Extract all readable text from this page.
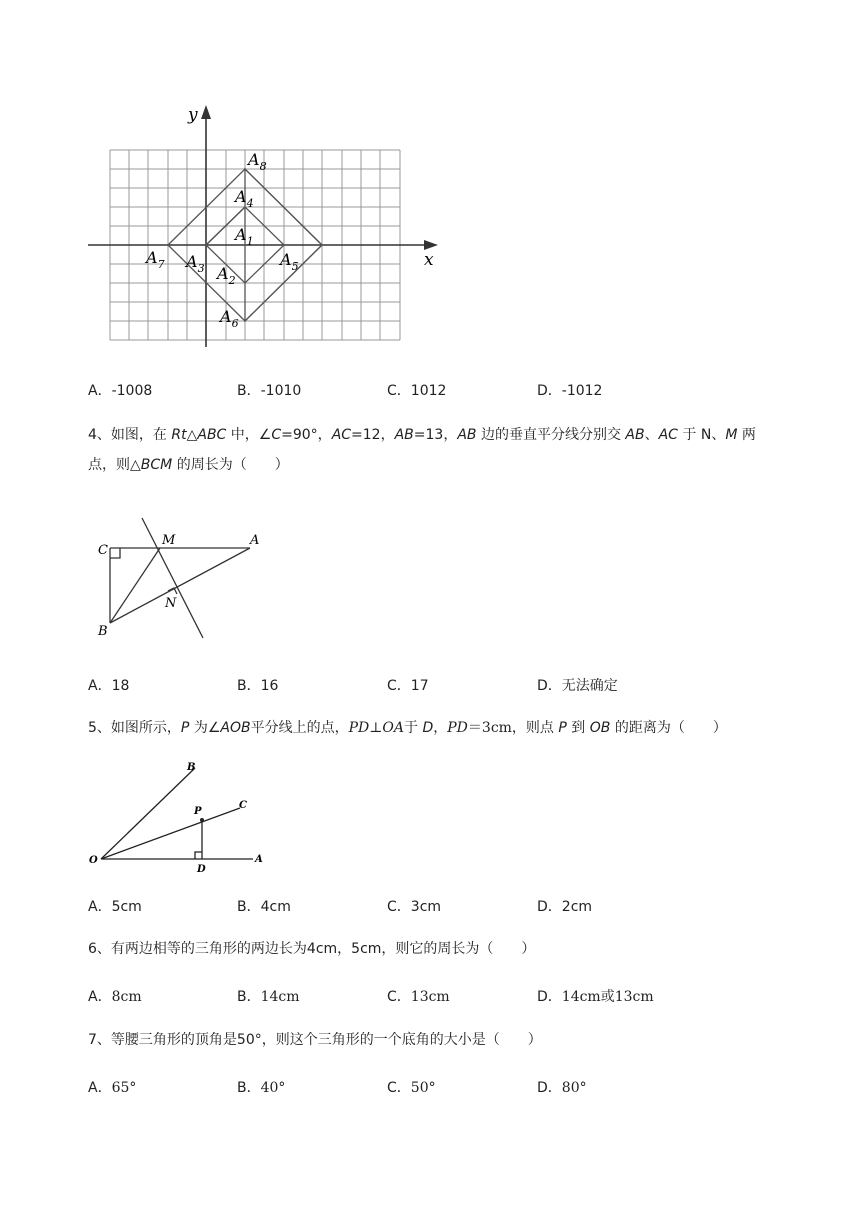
x
y
$A_8$
$A_4$
$A_1$
$A_7$ $A_3$	$A_5$
$A_2$
$A_6$
A．-1008	B．-1010	C．1012	D．-1012
4、如图，在 Rt△ABC 中，∠C=90°，AC=12，AB=13，AB 边的垂直平分线分别交 AB、AC 于 N、M 两
点，则△BCM 的周长为（　　）
C
M	A
N
B
A．18	B．16	C．17	D．无法确定
5、如图所示，P 为∠AOB平分线上的点，PD⊥OA于 D，PD＝3cm，则点 P 到 OB 的距离为（　　）
B
P
C
O
D
A
A．5cm	B．4cm	C．3cm	D．2cm
6、有两边相等的三角形的两边长为4cm，5cm，则它的周长为（　　）
A．8cm	B．14cm	C．13cm	D．14cm或13cm
7、等腰三角形的顶角是50°，则这个三角形的一个底角的大小是（　　）
A．65°	B．40°	C．50°	D．80°
